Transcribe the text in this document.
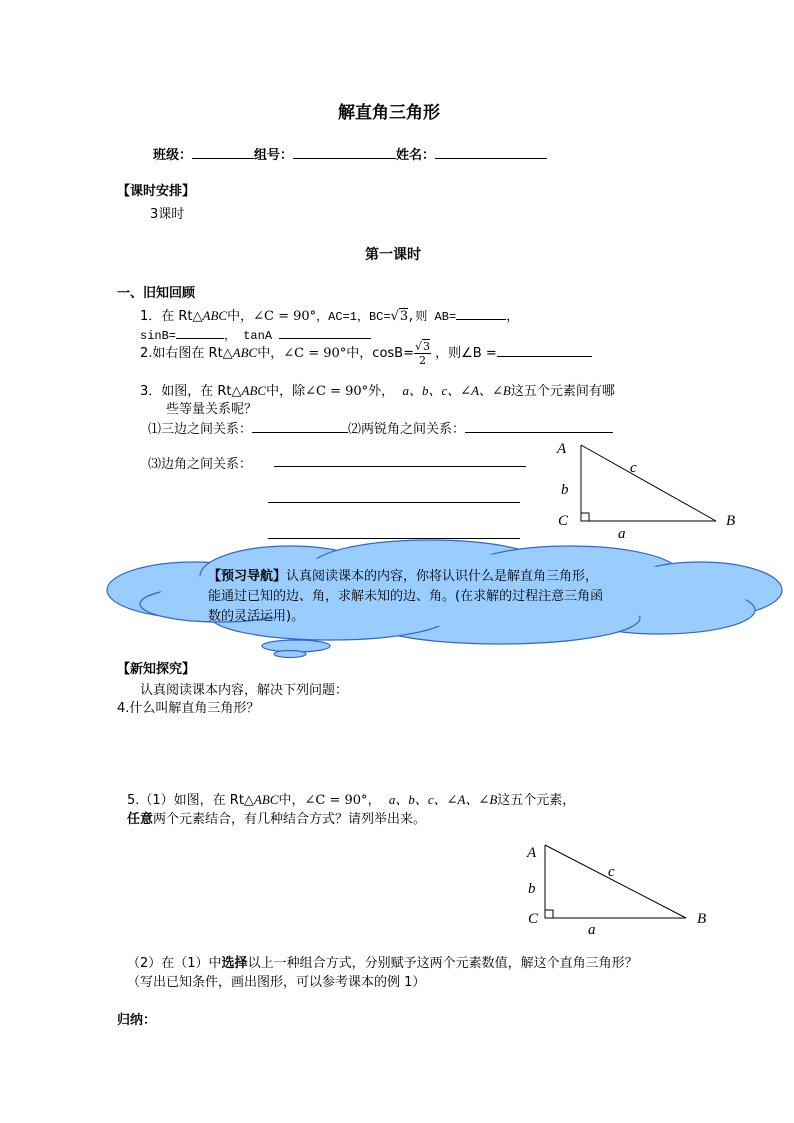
解直角三角形
班级：	组号：	姓名：
【课时安排】
3课时
第一课时
一、旧知回顾
1．在 Rt△ABC中，∠C = 90°，AC=1，BC=√3,则 AB=	，
sinB=	， tanA
2.如右图在 Rt△ABC中，∠C = 90°中，$\cos B= \frac{√3}{2}$ ，则∠B =
3．如图，在 Rt△ABC中，除∠C = 90°外， a、b、c、∠A、∠B这五个元素间有哪
些等量关系呢？
⑴三边之间关系：	⑵两锐角之间关系：
⑶边角之间关系：
A
C	B
b
c
a
【预习导航】认真阅读课本的内容，你将认识什么是解直角三角形，
能通过已知的边、角，求解未知的边、角。(在求解的过程注意三角函
数的灵活运用)。
【新知探究】
认真阅读课本内容，解决下列问题：
4.什么叫解直角三角形？
5.（1）如图，在 Rt△ABC中，∠C = 90°， a、b、c、∠A、∠B这五个元素，
任意两个元素结合，有几种结合方式？请列举出来。
A
C	B
b
c
a
（2）在（1）中选择以上一种组合方式，分别赋予这两个元素数值，解这个直角三角形？
（写出已知条件，画出图形，可以参考课本的例 1）
归纳：
